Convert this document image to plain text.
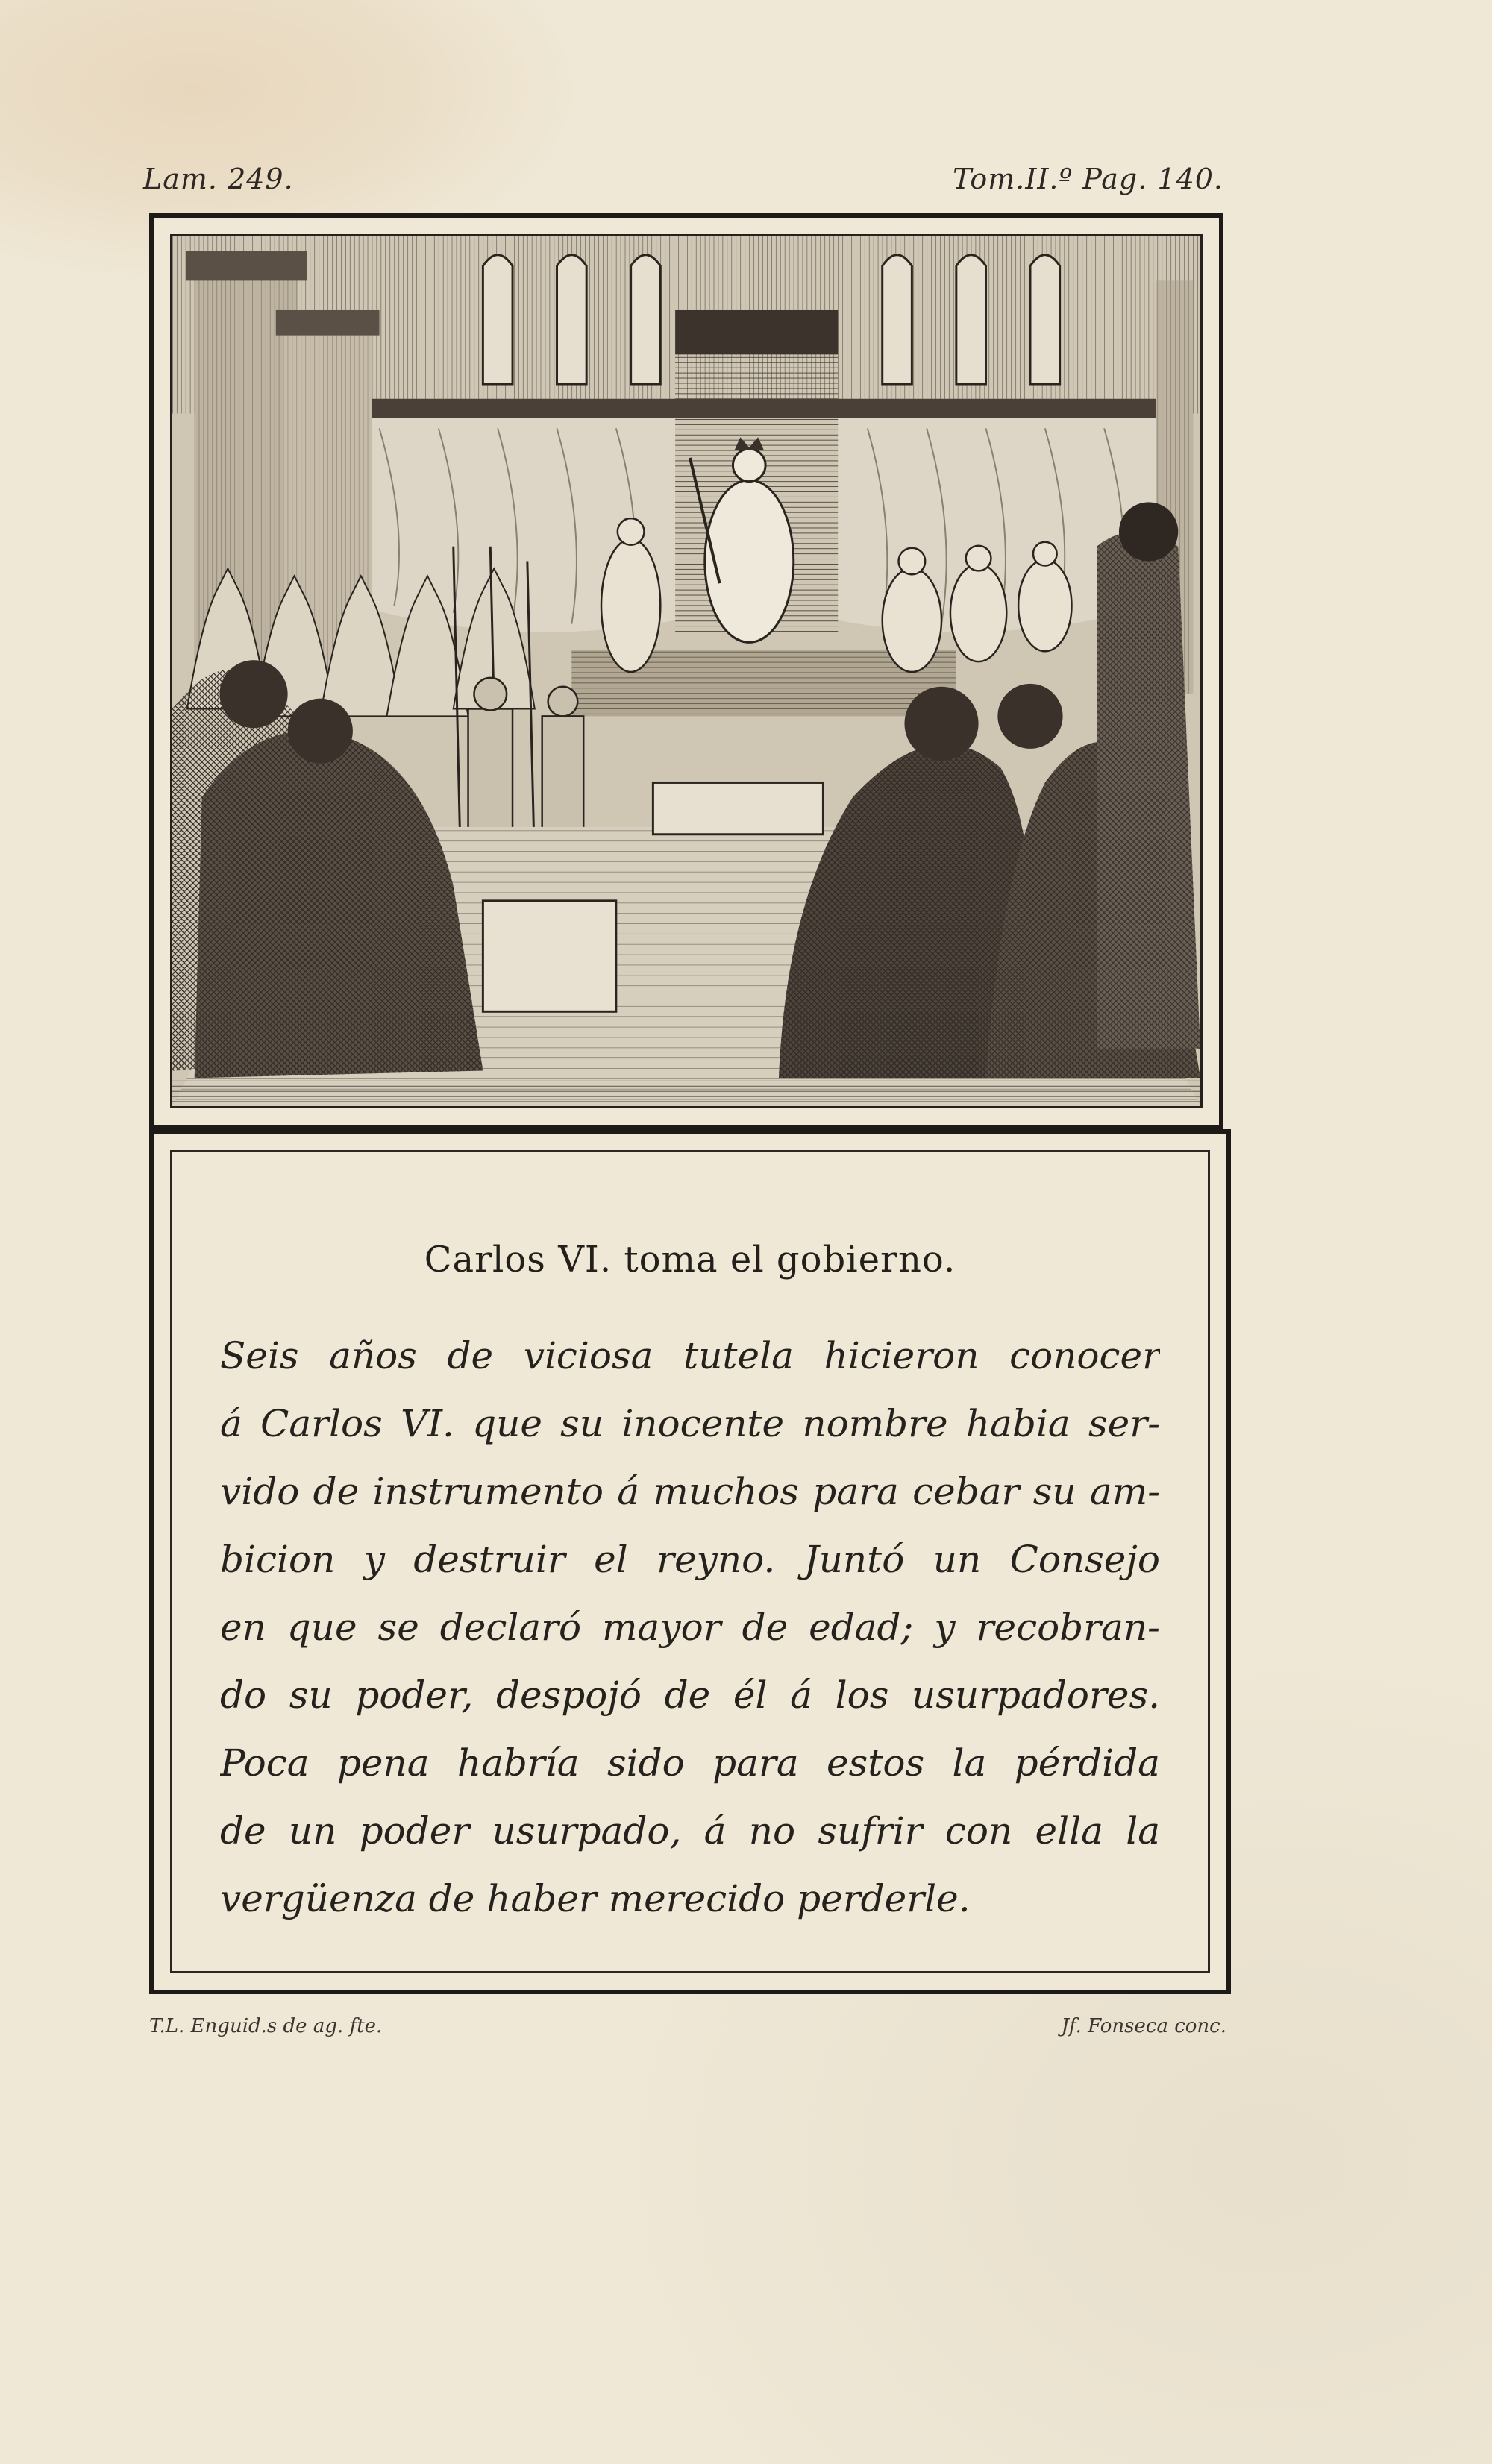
Lam. 249.	Tom.II.º Pag. 140.
Carlos VI. toma el gobierno.
Seis años de viciosa tutela hicieron conocer
á Carlos VI. que su inocente nombre habia ser-
vido de instrumento á muchos para cebar su am-
bicion y destruir el reyno. Juntó un Consejo
en que se declaró mayor de edad; y recobran-
do su poder, despojó de él á los usurpadores.
Poca pena habría sido para estos la pérdida
de un poder usurpado, á no sufrir con ella la
vergüenza de haber merecido perderle.
T.L. Enguid.s de ag. fte.	Jf. Fonseca conc.
